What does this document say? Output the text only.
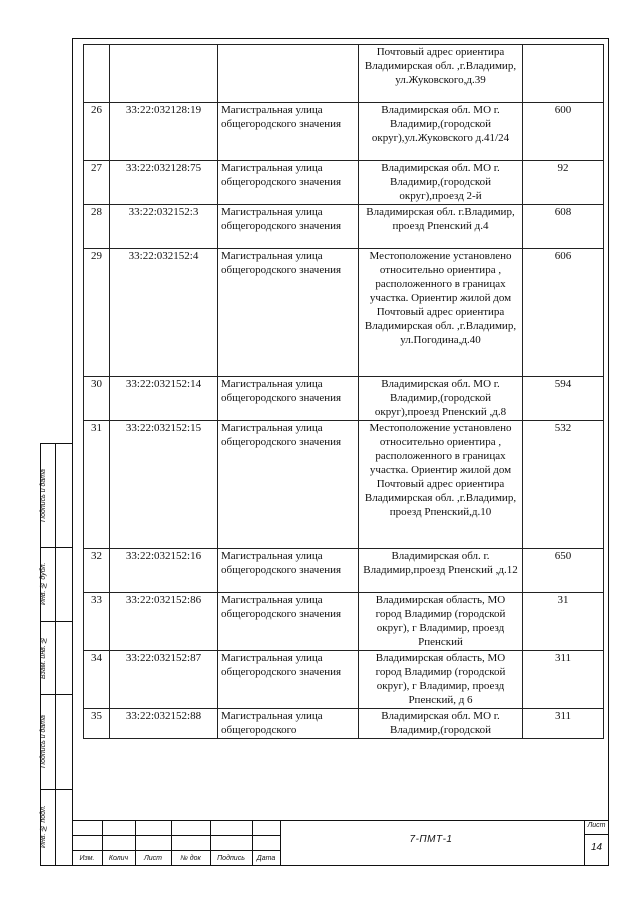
			Почтовый адрес ориентира Владимирская обл. ,г.Владимир, ул.Жуковского,д.39	
26	33:22:032128:19	Магистральная улица общегородского значения	Владимирская обл. МО г. Владимир,(городской округ),ул.Жуковского д.41/24	600
27	33:22:032128:75	Магистральная улица общегородского значения	Владимирская обл. МО г. Владимир,(городской округ),проезд 2-й	92
28	33:22:032152:3	Магистральная улица общегородского значения	Владимирская обл. г.Владимир, проезд Рпенский д.4	608
29	33:22:032152:4	Магистральная улица общегородского значения	Местоположение установлено относительно ориентира , расположенного в границах участка. Ориентир жилой дом Почтовый адрес ориентира Владимирская обл. ,г.Владимир, ул.Погодина,д.40	606
30	33:22:032152:14	Магистральная улица общегородского значения	Владимирская обл. МО г. Владимир,(городской округ),проезд Рпенский ,д.8	594
31	33:22:032152:15	Магистральная улица общегородского значения	Местоположение установлено относительно ориентира , расположенного в границах участка. Ориентир жилой дом Почтовый адрес ориентира Владимирская обл. ,г.Владимир, проезд Рпенский,д.10	532
32	33:22:032152:16	Магистральная улица общегородского значения	Владимирская обл. г. Владимир,проезд Рпенский ,д.12	650
33	33:22:032152:86	Магистральная улица общегородского значения	Владимирская область, МО город Владимир (городской округ), г Владимир, проезд Рпенский	31
34	33:22:032152:87	Магистральная улица общегородского значения	Владимирская область, МО город Владимир (городской округ), г Владимир, проезд Рпенский, д 6	311
35	33:22:032152:88	Магистральная улица общегородского	Владимирская обл. МО г. Владимир,(городской	311
Подпись и дата
Инв. № дубл.
Взам. инв. №
Подпись и дата
Инв. № подл.
Изм.	Колич	Лист	№ док	Подпись	Дата
7-ПМТ-1
Лист
14
